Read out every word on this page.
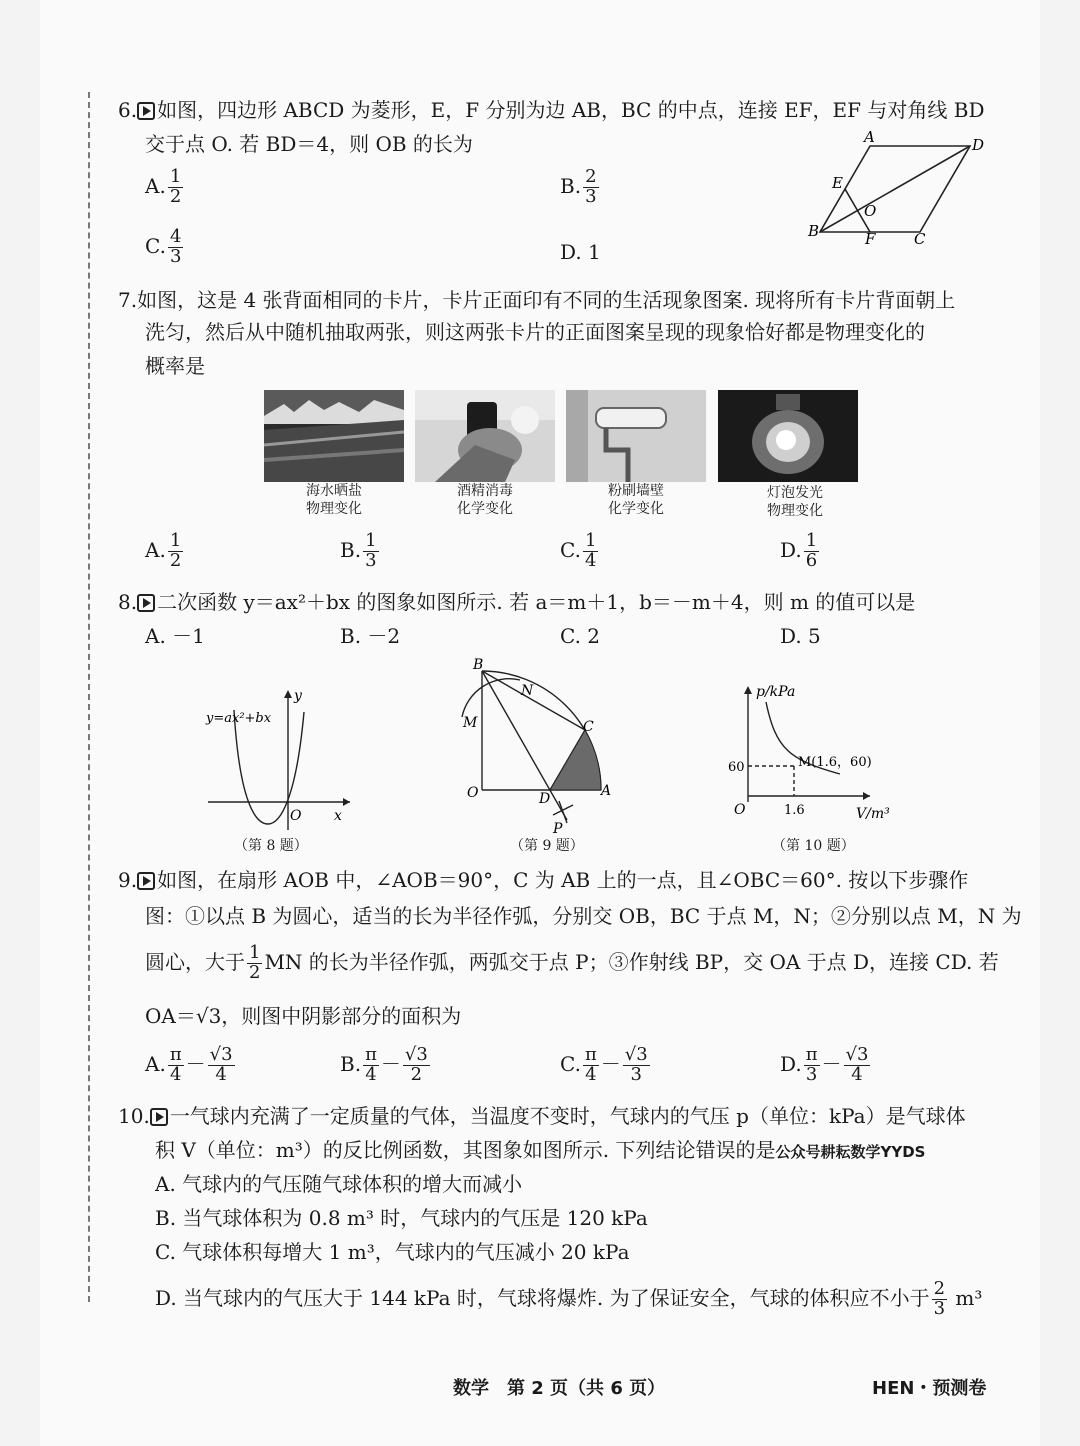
6. 如图，四边形 ABCD 为菱形，E，F 分别为边 AB，BC 的中点，连接 EF，EF 与对角线 BD
交于点 O. 若 BD＝4，则 OB 的长为
A. $\frac{1}{2}$	B. $\frac{2}{3}$
C. $\frac{4}{3}$	D. 1
A	D
B	C
E
F
O
7.如图，这是 4 张背面相同的卡片，卡片正面印有不同的生活现象图案. 现将所有卡片背面朝上
洗匀，然后从中随机抽取两张，则这两张卡片的正面图案呈现的现象恰好都是物理变化的
概率是
海水晒盐
物理变化
酒精消毒
化学变化
粉刷墙壁
化学变化
灯泡发光
物理变化
A. $\frac{1}{2}$	B. $\frac{1}{3}$	C. $\frac{1}{4}$	D. $\frac{1}{6}$
8. 二次函数 y＝ax²＋bx 的图象如图所示. 若 a＝m＋1，b＝－m＋4，则 m 的值可以是
A. －1	B. －2	C. 2	D. 5
y=ax²+bx
y
x
O
（第 8 题）
B
N
M	C
O	D	A
P
（第 9 题）
p/kPa
V/m³
O
60
1.6
M(1.6，60)
（第 10 题）
9. 如图，在扇形 AOB 中，∠AOB＝90°，C 为 AB 上的一点，且∠OBC＝60°. 按以下步骤作
图：①以点 B 为圆心，适当的长为半径作弧，分别交 OB，BC 于点 M，N；②分别以点 M，N 为
圆心，大于 $\frac{1}{2}$ MN 的长为半径作弧，两弧交于点 P；③作射线 BP，交 OA 于点 D，连接 CD. 若
OA＝√3，则图中阴影部分的面积为
A. $\frac{\pi}{4} - \frac{√3}{4}$	B. $\frac{\pi}{4} - \frac{√3}{2}$	C. $\frac{\pi}{4} - \frac{√3}{3}$	D. $\frac{\pi}{3} - \frac{√3}{4}$
10. 一气球内充满了一定质量的气体，当温度不变时，气球内的气压 p（单位：kPa）是气球体
积 V（单位：m³）的反比例函数，其图象如图所示. 下列结论错误的是公众号耕耘数学YYDS
A. 气球内的气压随气球体积的增大而减小
B. 当气球体积为 0.8 m³ 时，气球内的气压是 120 kPa
C. 气球体积每增大 1 m³，气球内的气压减小 20 kPa
D. 当气球内的气压大于 144 kPa 时，气球将爆炸. 为了保证安全，气球的体积应不小于 $\frac{2}{3} m^3$
数学　第 2 页（共 6 页）	HEN・预测卷
